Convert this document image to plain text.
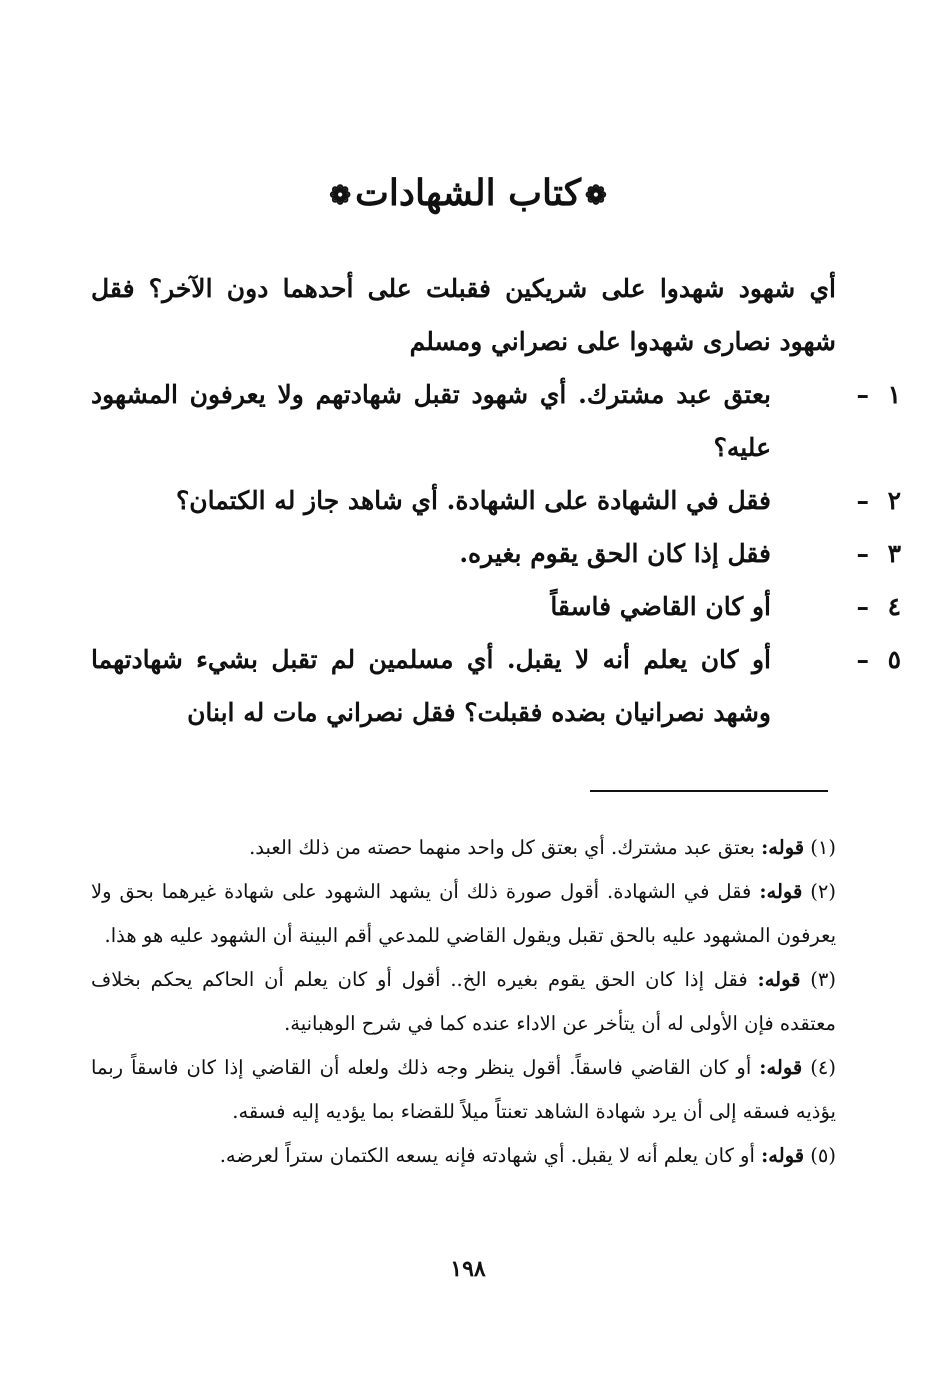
❁كتاب الشهادات❁

أي شهود شهدوا على شريكين فقبلت على أحدهما دون الآخر؟ فقل شهود نصارى شهدوا على نصراني ومسلم

١–بعتق عبد مشترك. أي شهود تقبل شهادتهم ولا يعرفون المشهود عليه؟

٢–فقل في الشهادة على الشهادة. أي شاهد جاز له الكتمان؟

٣–فقل إذا كان الحق يقوم بغيره.

٤–أو كان القاضي فاسقاً

٥–أو كان يعلم أنه لا يقبل. أي مسلمين لم تقبل بشيء شهادتهما وشهد نصرانيان بضده فقبلت؟ فقل نصراني مات له ابنان

(١) قوله: بعتق عبد مشترك. أي بعتق كل واحد منهما حصته من ذلك العبد.

(٢) قوله: فقل في الشهادة. أقول صورة ذلك أن يشهد الشهود على شهادة غيرهما بحق ولا يعرفون المشهود عليه بالحق تقبل ويقول القاضي للمدعي أقم البينة أن الشهود عليه هو هذا.

(٣) قوله: فقل إذا كان الحق يقوم بغيره الخ.. أقول أو كان يعلم أن الحاكم يحكم بخلاف معتقده فإن الأولى له أن يتأخر عن الاداء عنده كما في شرح الوهبانية.

(٤) قوله: أو كان القاضي فاسقاً. أقول ينظر وجه ذلك ولعله أن القاضي إذا كان فاسقاً ربما يؤذيه فسقه إلى أن يرد شهادة الشاهد تعنتاً ميلاً للقضاء بما يؤديه إليه فسقه.

(٥) قوله: أو كان يعلم أنه لا يقبل. أي شهادته فإنه يسعه الكتمان ستراً لعرضه.

١٩٨
